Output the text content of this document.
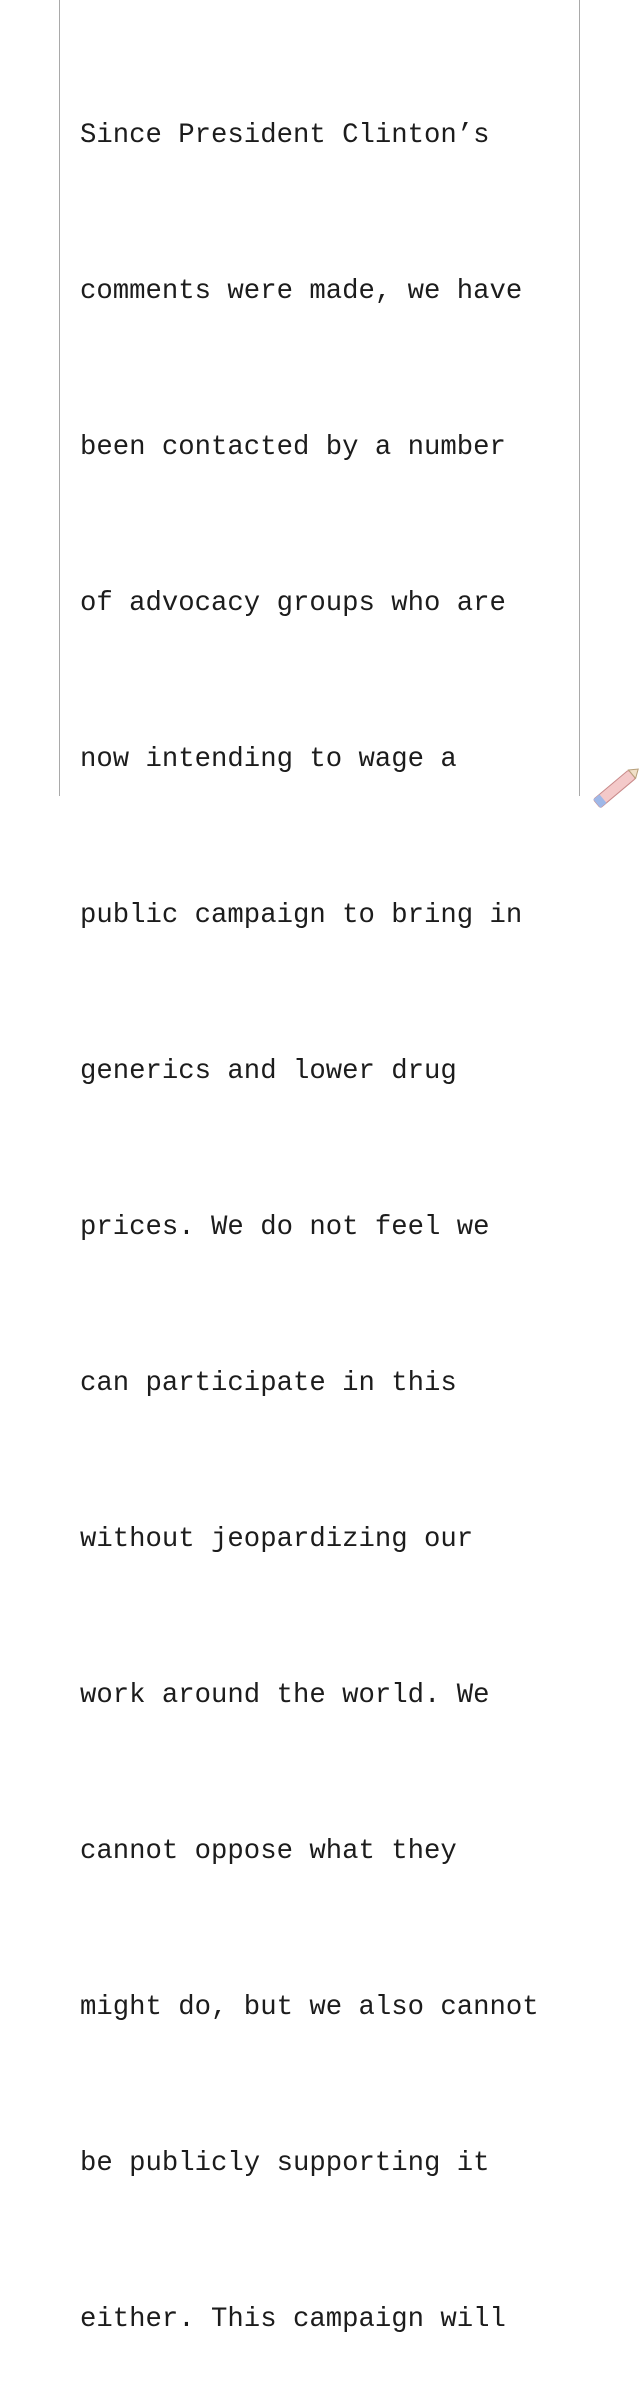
Since President Clinton’s

comments were made, we have

been contacted by a number

of advocacy groups who are

now intending to wage a

public campaign to bring in

generics and lower drug

prices. We do not feel we

can participate in this

without jeopardizing our

work around the world. We

cannot oppose what they

might do, but we also cannot

be publicly supporting it

either. This campaign will
